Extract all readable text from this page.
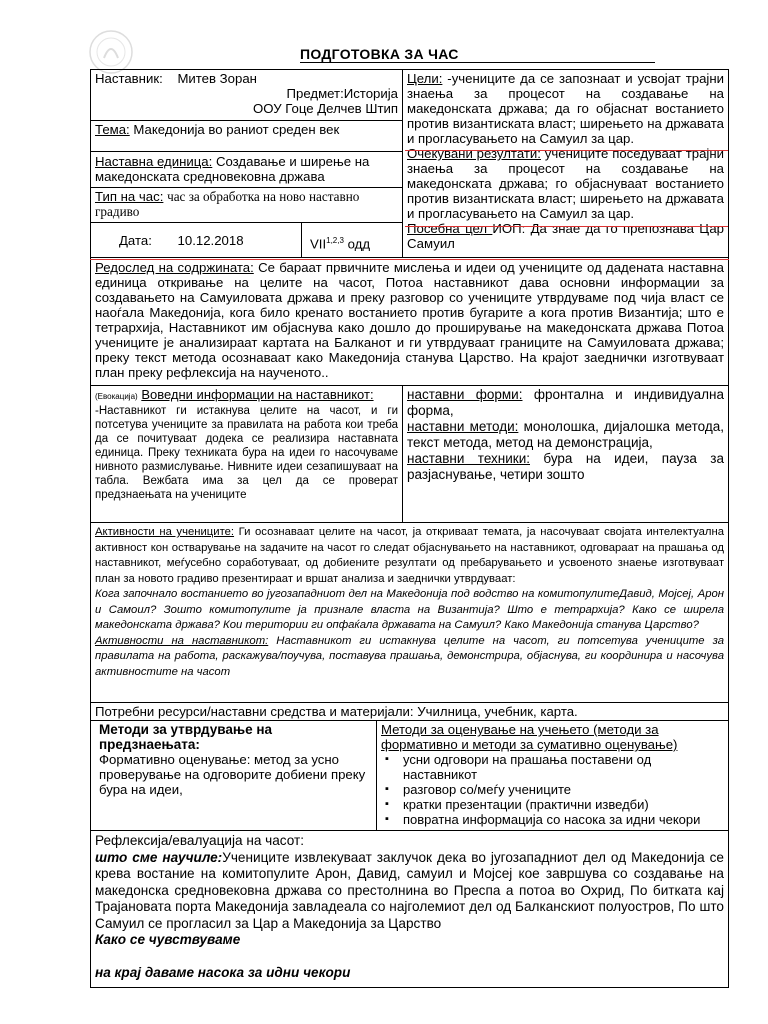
ПОДГОТОВКА ЗА ЧАС
Наставник: Митев Зоран
Предмет:Историја
ООУ Гоце Делчев Штип
Тема: Македонија во раниот среден век
Наставна единица: Создавање и ширење на македонската средновековна држава
Тип на час: час за обработка на ново наставно градиво
Дата: 10.12.2018	VII$^{1,2,3}$ одд
Цели: -учениците да се запознаат и усвојат трајни знаења за процесот на создавање на македонската држава; да го објаснат востанието против византиската власт; ширењето на државата и прогласувањето на Самуил за цар.
Очекувани резултати: учениците поседуваат трајни знаења за процесот на создавање на македонската држава; го објаснуваат востанието против византиската власт; ширењето на државата и прогласувањето на Самуил за цар.
Посебна цел ИОП: Да знае да го препознава Цар Самуил
Редослед на содржината: Се бараат првичните мислења и идеи од учениците од дадената наставна единица откривање на целите на часот, Потоа наставникот дава основни информации за создавањето на Самуиловата држава и преку разговор со учениците утврдуваме под чија власт се наоѓала Македонија, кога било кренато востанието против бугарите а кога против Византија; што е тетрархија, Наставникот им објаснува како дошло до проширување на македонската држава Потоа учениците је анализираат картата на Балканот и ги утврдуваат границите на Самуиловата држава; преку текст метода осознаваат како Македонија станува Царство. На крајот заеднички изготвуваат план преку рефлексија на наученото..
(Евокација) Воведни информации на наставникот:
-Наставникот ги истакнува целите на часот, и ги потсетува учениците за правилата на работа кои треба да се почитуваат додека се реализира наставната единица. Преку техниката бура на идеи го насочуваме нивното размислување. Нивните идеи сезапишуваат на табла. Вежбата има за цел да се проверат предзнаењата на учениците
наставни форми: фронтална и индивидуална форма,
наставни методи: монолошка, дијалошка метода, текст метода, метод на демонстрација,
наставни техники: бура на идеи, пауза за разјаснување, четири зошто
Активности на учениците: Ги осознаваат целите на часот, ја откриваат темата, ја насочуваат својата интелектуална активност кон остварување на задачите на часот го следат објаснувањето на наставникот, одговараат на прашања од наставникот, меѓусебно соработуваат, од добиените резултати од пребарувањето и усвоеното знаење изготвуваат план за новото градиво презентираат и вршат анализа и заеднички утврдуваат:
Кога започнало востанието во југозападниот дел на Македонија под водство на комитопулитеДавид, Мојсеј, Арон и Самоил? Зошто комитопулите ја признале власта на Византија? Што е тетрархија? Како се ширела македонската држава? Кои територии ги опфаќала државата на Самуил? Како Македонија станува Царство?
Активности на наставникот: Наставникот ги истакнува целите на часот, ги потсетува учениците за правилата на работа, раскажува/поучува, поставува прашања, демонстрира, објаснува, ги координира и насочува активностите на часот
Потребни ресурси/наставни средства и материјали: Училница, учебник, карта.
Методи за утврдување на предзнаењата:
Формативно оценување: метод за усно проверување на одговорите добиени преку бура на идеи,
Методи за оценување на учењето (методи за формативно и методи за сумативно оценување)
▪ усни одговори на прашања поставени од наставникот
▪ разговор со/меѓу учениците
▪ кратки презентации (практични изведби)
▪ повратна информација со насока за идни чекори
Рефлексија/евалуација на часот:
што сме научиле:Учениците извлекуваат заклучок дека во југозападниот дел од Македонија се крева востание на комитопулите Арон, Давид, самуил и Мојсеј кое завршува со создавање на македонска средновековна држава со престолнина во Преспа а потоа во Охрид, По битката кај Трајановата порта Македонија завладеала со најголемиот дел од Балканскиот полуостров, По што Самуил се прогласил за Цар а Македонија за Царство
Како се чувствуваме
на крај даваме насока за идни чекори
